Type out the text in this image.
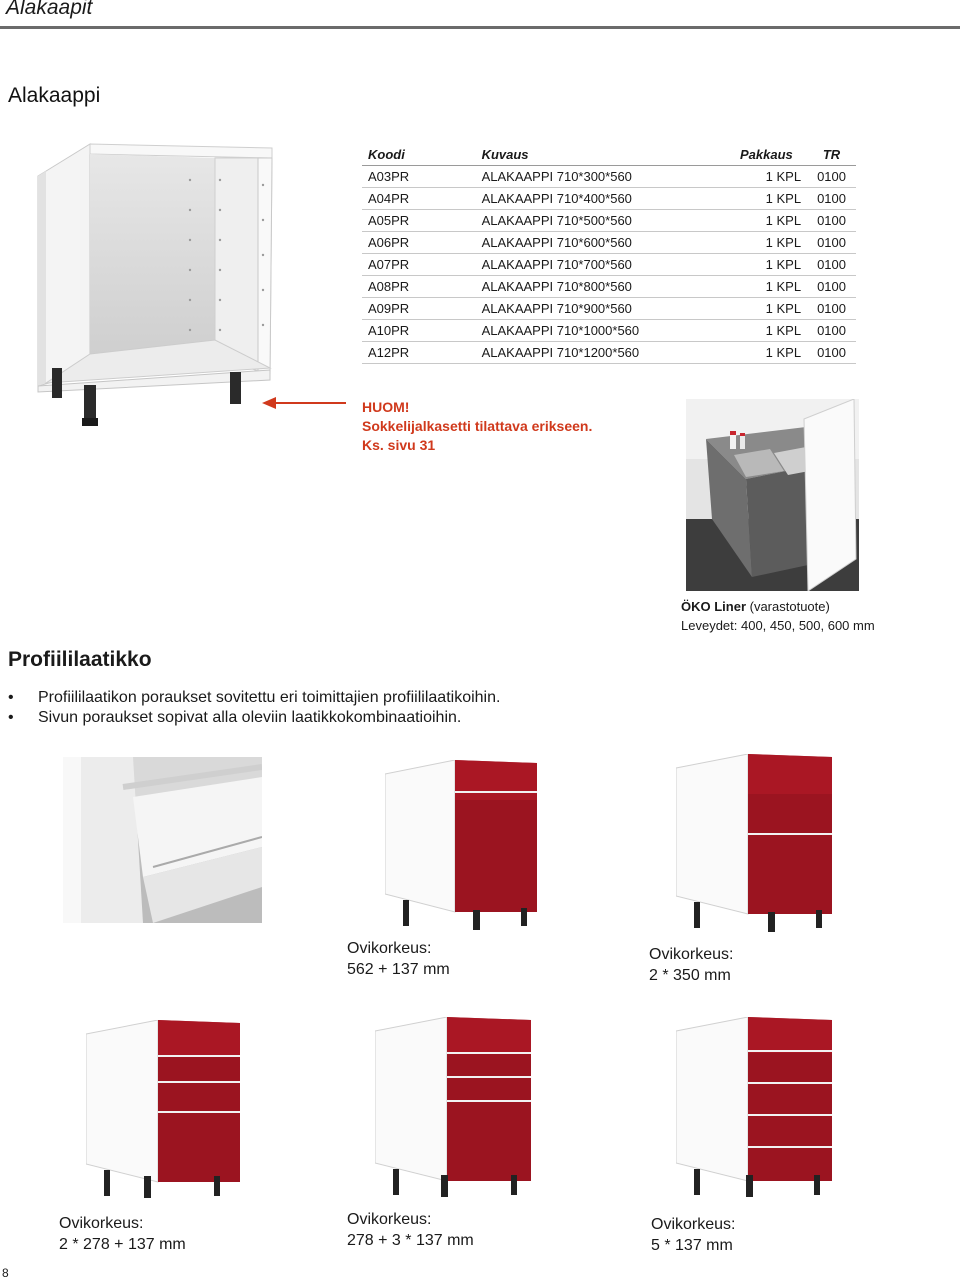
Alakaapit
Alakaappi
Koodi	Kuvaus	Pakkaus	TR
A03PR	ALAKAAPPI 710*300*560	1 KPL	0100
A04PR	ALAKAAPPI 710*400*560	1 KPL	0100
A05PR	ALAKAAPPI 710*500*560	1 KPL	0100
A06PR	ALAKAAPPI 710*600*560	1 KPL	0100
A07PR	ALAKAAPPI 710*700*560	1 KPL	0100
A08PR	ALAKAAPPI 710*800*560	1 KPL	0100
A09PR	ALAKAAPPI 710*900*560	1 KPL	0100
A10PR	ALAKAAPPI 710*1000*560	1 KPL	0100
A12PR	ALAKAAPPI 710*1200*560	1 KPL	0100
HUOM!
Sokkelijalkasetti tilattava erikseen.
Ks. sivu 31
ÖKO Liner (varastotuote)
Leveydet: 400, 450, 500, 600 mm
Profiililaatikko
• Profiililaatikon poraukset sovitettu eri toimittajien profiililaatikoihin.
• Sivun poraukset sopivat alla oleviin laatikkokombinaatioihin.
Ovikorkeus:
562 + 137 mm
Ovikorkeus:
2 * 350 mm
Ovikorkeus:
2 * 278 + 137 mm
Ovikorkeus:
278 + 3 * 137 mm
Ovikorkeus:
5 * 137 mm
8
